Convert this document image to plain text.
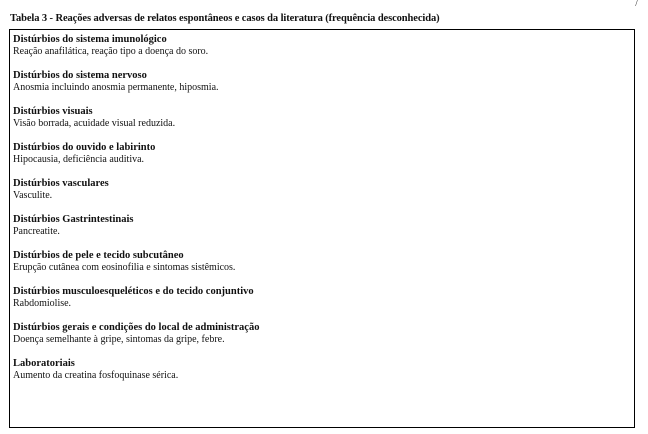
/
Tabela 3 - Reações adversas de relatos espontâneos e casos da literatura (frequência desconhecida)
Distúrbios do sistema imunológico
Reação anafilática, reação tipo a doença do soro.
Distúrbios do sistema nervoso
Anosmia incluindo anosmia permanente, hiposmia.
Distúrbios visuais
Visão borrada, acuidade visual reduzida.
Distúrbios do ouvido e labirinto
Hipocausia, deficiência auditiva.
Distúrbios vasculares
Vasculite.
Distúrbios Gastrintestinais
Pancreatite.
Distúrbios de pele e tecido subcutâneo
Erupção cutânea com eosinofilia e sintomas sistêmicos.
Distúrbios musculoesqueléticos e do tecido conjuntivo
Rabdomiolise.
Distúrbios gerais e condições do local de administração
Doença semelhante à gripe, sintomas da gripe, febre.
Laboratoriais
Aumento da creatina fosfoquinase sérica.
